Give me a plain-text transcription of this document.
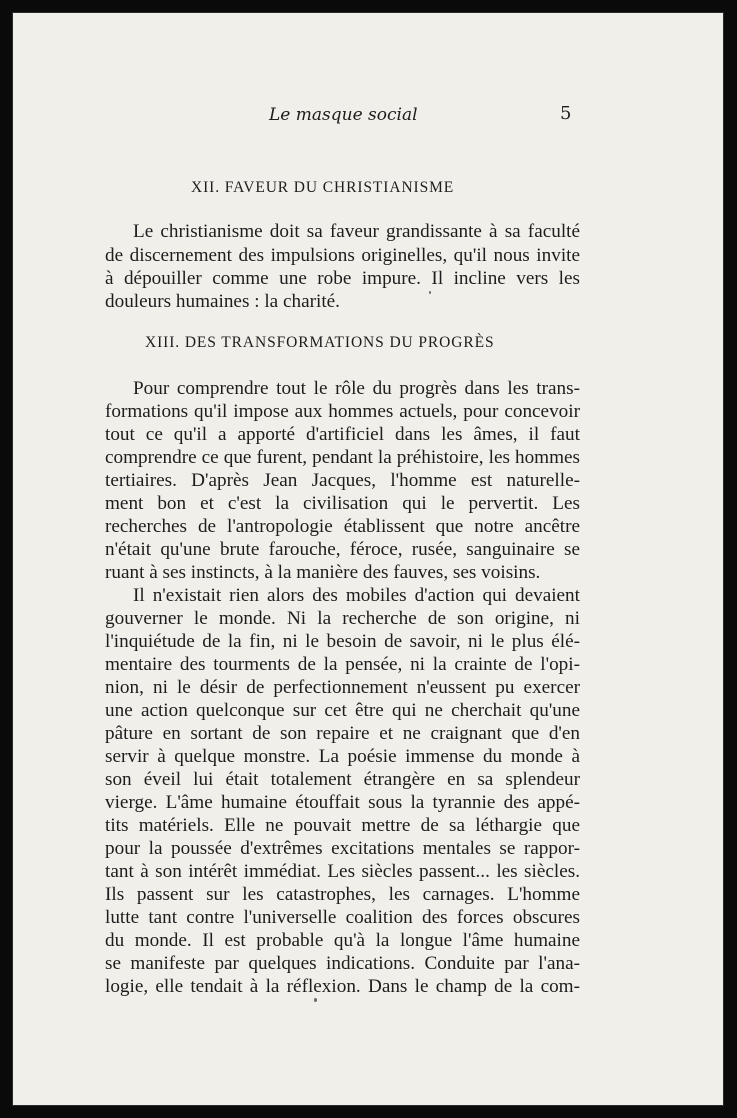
Le masque social	5
XII. FAVEUR DU CHRISTIANISME
Le christianisme doit sa faveur grandissante à sa faculté
de discernement des impulsions originelles, qu'il nous invite
à dépouiller comme une robe impure. Il incline vers les
douleurs humaines : la charité.
XIII. DES TRANSFORMATIONS DU PROGRÈS
Pour comprendre tout le rôle du progrès dans les trans-
formations qu'il impose aux hommes actuels, pour concevoir
tout ce qu'il a apporté d'artificiel dans les âmes, il faut
comprendre ce que furent, pendant la préhistoire, les hommes
tertiaires. D'après Jean Jacques, l'homme est naturelle-
ment bon et c'est la civilisation qui le pervertit. Les
recherches de l'antropologie établissent que notre ancêtre
n'était qu'une brute farouche, féroce, rusée, sanguinaire se
ruant à ses instincts, à la manière des fauves, ses voisins.
Il n'existait rien alors des mobiles d'action qui devaient
gouverner le monde. Ni la recherche de son origine, ni
l'inquiétude de la fin, ni le besoin de savoir, ni le plus élé-
mentaire des tourments de la pensée, ni la crainte de l'opi-
nion, ni le désir de perfectionnement n'eussent pu exercer
une action quelconque sur cet être qui ne cherchait qu'une
pâture en sortant de son repaire et ne craignant que d'en
servir à quelque monstre. La poésie immense du monde à
son éveil lui était totalement étrangère en sa splendeur
vierge. L'âme humaine étouffait sous la tyrannie des appé-
tits matériels. Elle ne pouvait mettre de sa léthargie que
pour la poussée d'extrêmes excitations mentales se rappor-
tant à son intérêt immédiat. Les siècles passent... les siècles.
Ils passent sur les catastrophes, les carnages. L'homme
lutte tant contre l'universelle coalition des forces obscures
du monde. Il est probable qu'à la longue l'âme humaine
se manifeste par quelques indications. Conduite par l'ana-
logie, elle tendait à la réflexion. Dans le champ de la com-
